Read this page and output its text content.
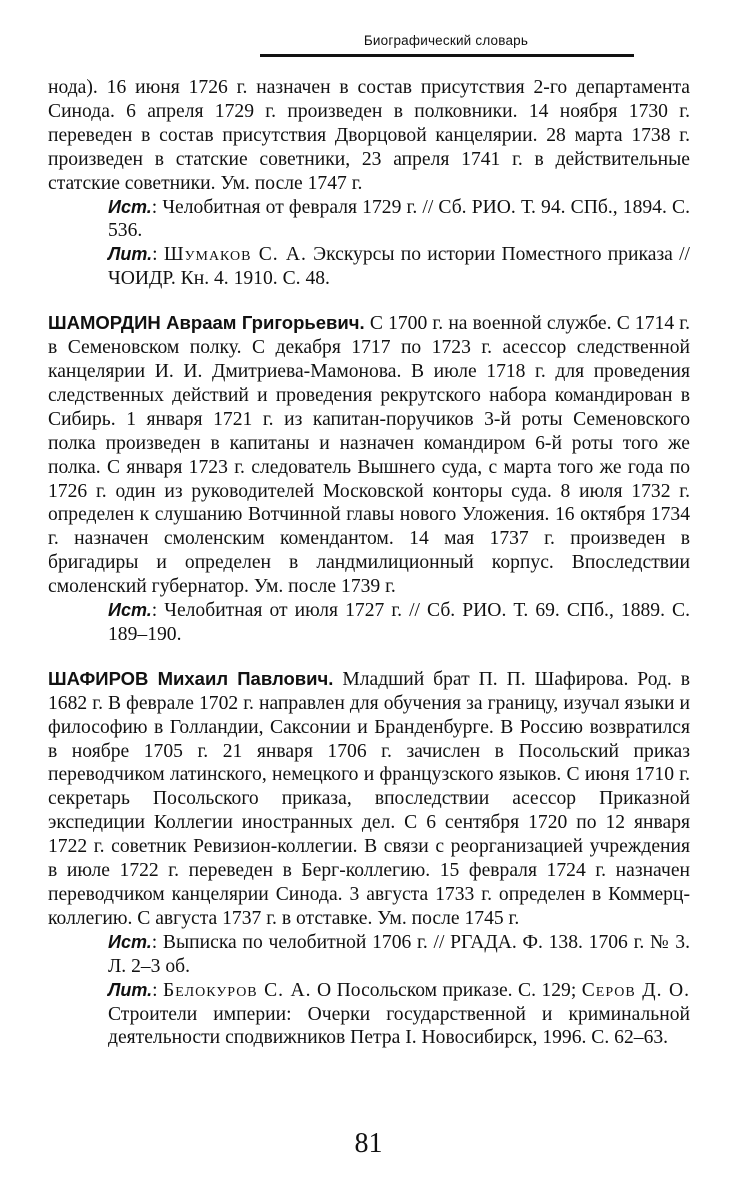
Биографический словарь

нода). 16 июня 1726 г. назначен в состав присутствия 2-го департамента Синода. 6 апреля 1729 г. произведен в полковники. 14 ноября 1730 г. переведен в состав присутствия Дворцовой канцелярии. 28 марта 1738 г. произведен в статские советники, 23 апреля 1741 г. в действительные статские советники. Ум. после 1747 г.

Ист.: Челобитная от февраля 1729 г. // Сб. РИО. Т. 94. СПб., 1894. С. 536.

Лит.: Шумаков С. А. Экскурсы по истории Поместного приказа // ЧОИДР. Кн. 4. 1910. С. 48.

ШАМОРДИН Авраам Григорьевич. С 1700 г. на военной службе. С 1714 г. в Семеновском полку. С декабря 1717 по 1723 г. асессор следственной канцелярии И. И. Дмитриева-Мамонова. В июле 1718 г. для проведения следственных действий и проведения рекрутского набора командирован в Сибирь. 1 января 1721 г. из капитан-поручиков 3-й роты Семеновского полка произведен в капитаны и назначен командиром 6-й роты того же полка. С января 1723 г. следователь Вышнего суда, с марта того же года по 1726 г. один из руководителей Московской конторы суда. 8 июля 1732 г. определен к слушанию Вотчинной главы нового Уложения. 16 октября 1734 г. назначен смоленским комендантом. 14 мая 1737 г. произведен в бригадиры и определен в ландмилиционный корпус. Впоследствии смоленский губернатор. Ум. после 1739 г.

Ист.: Челобитная от июля 1727 г. // Сб. РИО. Т. 69. СПб., 1889. С. 189–190.

ШАФИРОВ Михаил Павлович. Младший брат П. П. Шафирова. Род. в 1682 г. В феврале 1702 г. направлен для обучения за границу, изучал языки и философию в Голландии, Саксонии и Бранденбурге. В Россию возвратился в ноябре 1705 г. 21 января 1706 г. зачислен в Посольский приказ переводчиком латинского, немецкого и французского языков. С июня 1710 г. секретарь Посольского приказа, впоследствии асессор Приказной экспедиции Коллегии иностранных дел. С 6 сентября 1720 по 12 января 1722 г. советник Ревизион-коллегии. В связи с реорганизацией учреждения в июле 1722 г. переведен в Берг-коллегию. 15 февраля 1724 г. назначен переводчиком канцелярии Синода. 3 августа 1733 г. определен в Коммерц-коллегию. С августа 1737 г. в отставке. Ум. после 1745 г.

Ист.: Выписка по челобитной 1706 г. // РГАДА. Ф. 138. 1706 г. № 3. Л. 2–3 об.

Лит.: Белокуров С. А. О Посольском приказе. С. 129; Серов Д. О. Строители империи: Очерки государственной и криминальной деятельности сподвижников Петра I. Новосибирск, 1996. С. 62–63.

81
